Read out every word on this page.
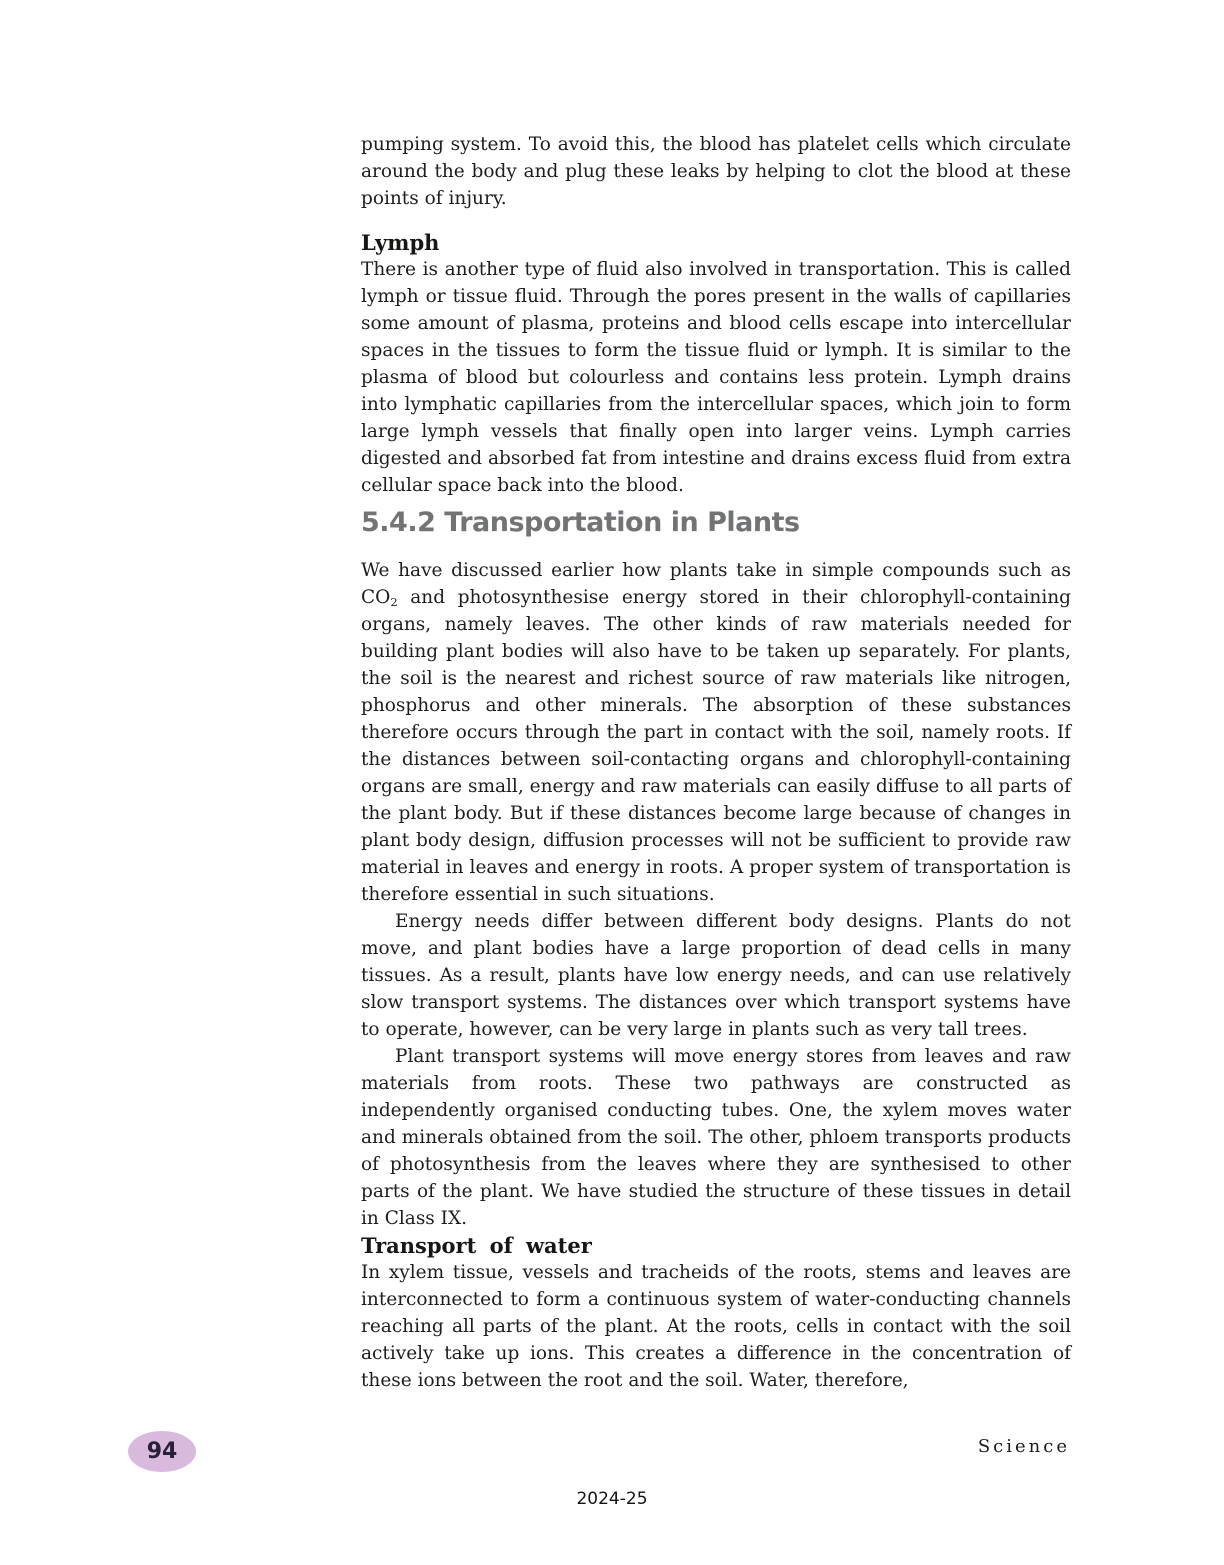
pumping system. To avoid this, the blood has platelet cells which circulate around the body and plug these leaks by helping to clot the blood at these points of injury.

Lymph

There is another type of fluid also involved in transportation. This is called lymph or tissue fluid. Through the pores present in the walls of capillaries some amount of plasma, proteins and blood cells escape into intercellular spaces in the tissues to form the tissue fluid or lymph. It is similar to the plasma of blood but colourless and contains less protein. Lymph drains into lymphatic capillaries from the intercellular spaces, which join to form large lymph vessels that finally open into larger veins. Lymph carries digested and absorbed fat from intestine and drains excess fluid from extra cellular space back into the blood.

5.4.2 Transportation in Plants

We have discussed earlier how plants take in simple compounds such as $CO_2$ and photosynthesise energy stored in their chlorophyll-containing organs, namely leaves. The other kinds of raw materials needed for building plant bodies will also have to be taken up separately. For plants, the soil is the nearest and richest source of raw materials like nitrogen, phosphorus and other minerals. The absorption of these substances therefore occurs through the part in contact with the soil, namely roots. If the distances between soil-contacting organs and chlorophyll-containing organs are small, energy and raw materials can easily diffuse to all parts of the plant body. But if these distances become large because of changes in plant body design, diffusion processes will not be sufficient to provide raw material in leaves and energy in roots. A proper system of transportation is therefore essential in such situations.

Energy needs differ between different body designs. Plants do not move, and plant bodies have a large proportion of dead cells in many tissues. As a result, plants have low energy needs, and can use relatively slow transport systems. The distances over which transport systems have to operate, however, can be very large in plants such as very tall trees.

Plant transport systems will move energy stores from leaves and raw materials from roots. These two pathways are constructed as independently organised conducting tubes. One, the xylem moves water and minerals obtained from the soil. The other, phloem transports products of photosynthesis from the leaves where they are synthesised to other parts of the plant. We have studied the structure of these tissues in detail in Class IX.

Transport of water

In xylem tissue, vessels and tracheids of the roots, stems and leaves are interconnected to form a continuous system of water-conducting channels reaching all parts of the plant. At the roots, cells in contact with the soil actively take up ions. This creates a difference in the concentration of these ions between the root and the soil. Water, therefore,

94	Science
2024-25
